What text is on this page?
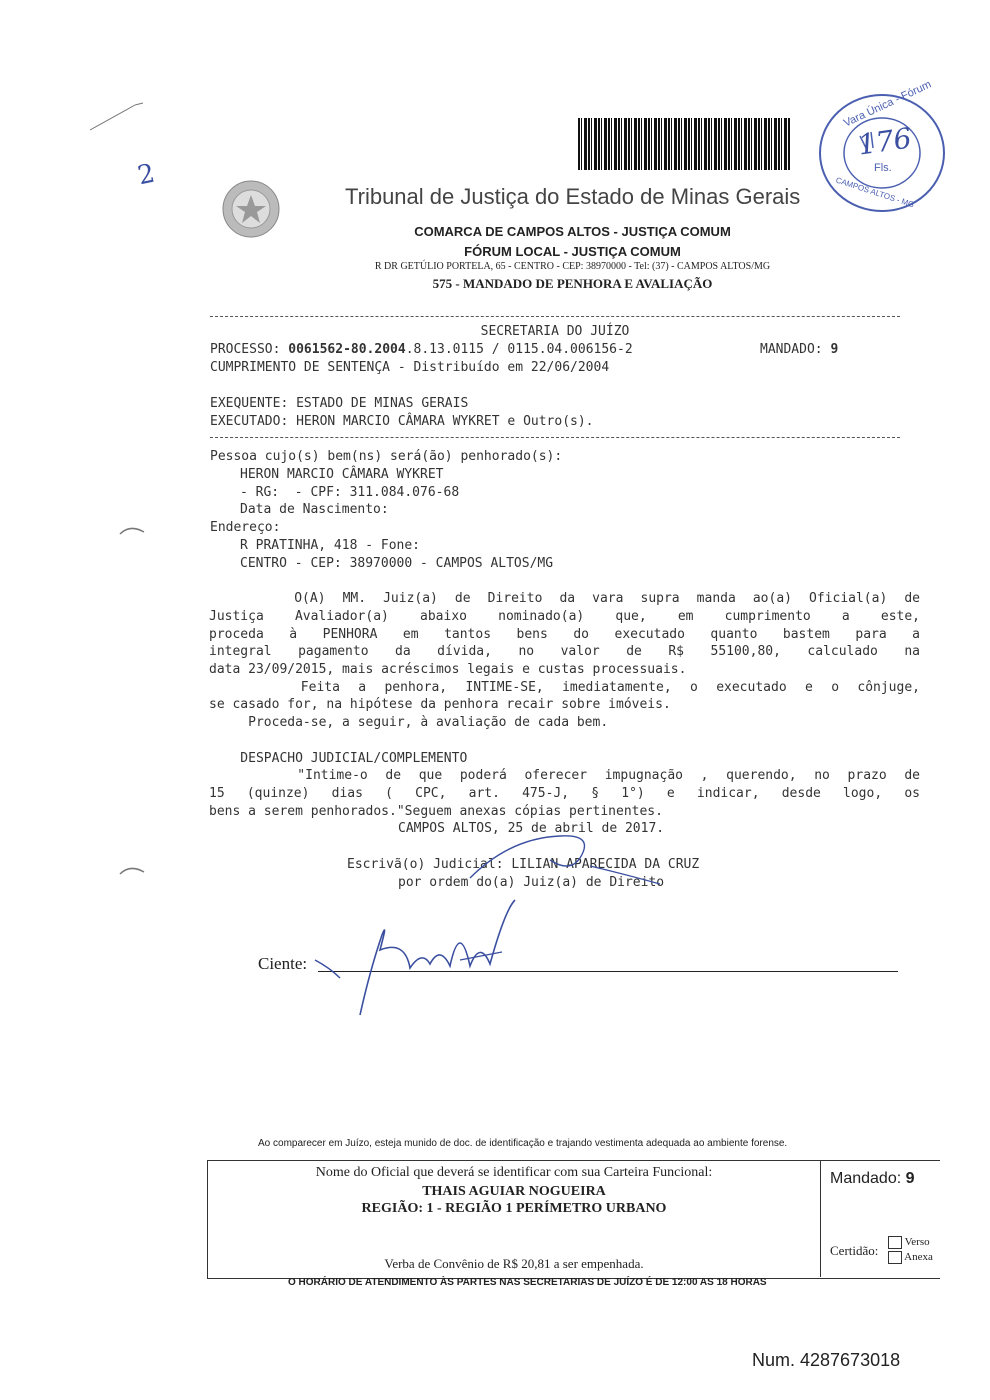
2
Vara Única - Fórum
CAMPOS ALTOS - MG
176
Fls.
Tribunal de Justiça do Estado de Minas Gerais
COMARCA DE CAMPOS ALTOS - JUSTIÇA COMUM
FÓRUM LOCAL - JUSTIÇA COMUM
R DR GETÚLIO PORTELA, 65 - CENTRO - CEP: 38970000 - Tel: (37) - CAMPOS ALTOS/MG
575 - MANDADO DE PENHORA E AVALIAÇÃO
SECRETARIA DO JUÍZO
PROCESSO: 0061562-80.2004.8.13.0115 / 0115.04.006156-2	MANDADO: 9
CUMPRIMENTO DE SENTENÇA - Distribuído em 22/06/2004
EXEQUENTE: ESTADO DE MINAS GERAIS
EXECUTADO: HERON MARCIO CÂMARA WYKRET e Outro(s).
Pessoa cujo(s) bem(ns) será(ão) penhorado(s):
HERON MARCIO CÂMARA WYKRET
- RG:  - CPF: 311.084.076-68
Data de Nascimento:
Endereço:
R PRATINHA, 418 - Fone:
CENTRO - CEP: 38970000 - CAMPOS ALTOS/MG
O(A) MM. Juiz(a) de Direito da vara supra manda ao(a) Oficial(a) de
Justiça Avaliador(a) abaixo nominado(a) que, em cumprimento a este,
proceda à PENHORA em tantos bens do executado quanto bastem para a
integral pagamento da dívida, no valor de R$ 55100,80, calculado na
data 23/09/2015, mais acréscimos legais e custas processuais.
Feita a penhora, INTIME-SE, imediatamente, o executado e o cônjuge,
se casado for, na hipótese da penhora recair sobre imóveis.
Proceda-se, a seguir, à avaliação de cada bem.
DESPACHO JUDICIAL/COMPLEMENTO
"Intime-o de que poderá oferecer impugnação , querendo, no prazo de
15 (quinze) dias ( CPC, art. 475-J, § 1°) e indicar, desde logo, os
bens a serem penhorados."Seguem anexas cópias pertinentes.
CAMPOS ALTOS, 25 de abril de 2017.
Escrivã(o) Judicial: LILIAN APARECIDA DA CRUZ
por ordem do(a) Juiz(a) de Direito
Ciente:
Ao comparecer em Juízo, esteja munido de doc. de identificação e trajando vestimenta adequada ao ambiente forense.
Nome do Oficial que deverá se identificar com sua Carteira Funcional:
THAIS AGUIAR NOGUEIRA
REGIÃO: 1 - REGIÃO 1 PERÍMETRO URBANO
Verba de Convênio de R$ 20,81 a ser empenhada.
Mandado: 9
Certidão:
Verso
Anexa
O HORÁRIO DE ATENDIMENTO ÀS PARTES NAS SECRETARIAS DE JUÍZO É DE 12:00 AS 18 HORAS
Num. 4287673018
